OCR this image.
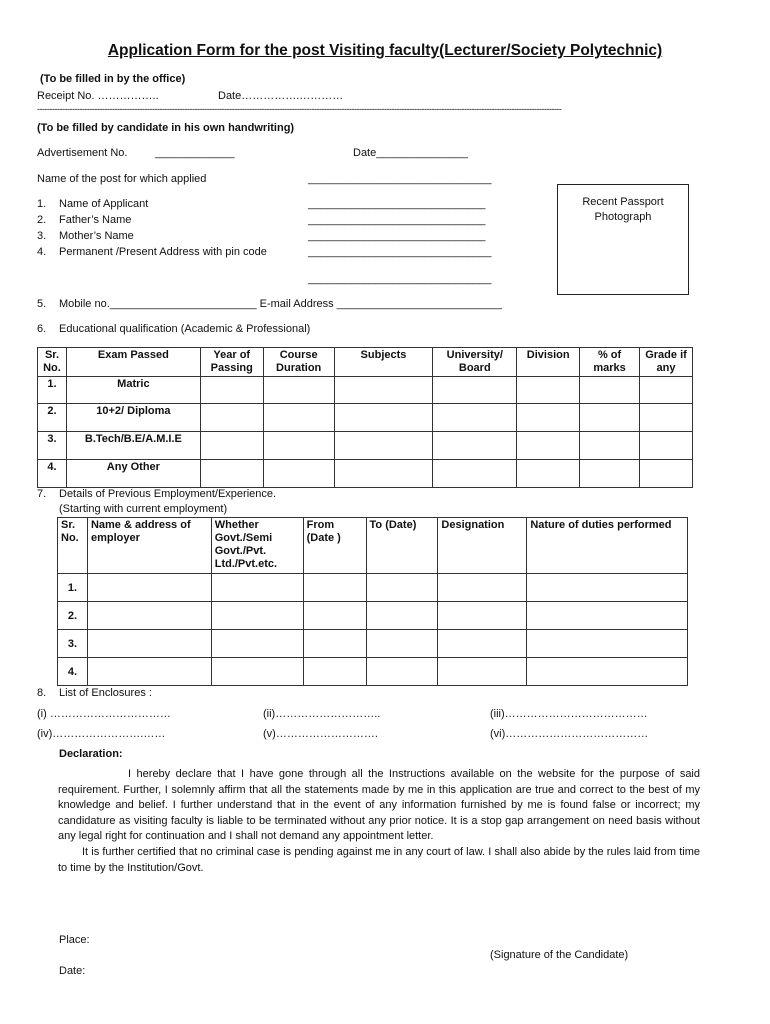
Application Form for the post Visiting faculty(Lecturer/Society Polytechnic)
(To be filled in by the office)
Receipt No. ……………..	Date…………….…………
------------------------------------------------------------------------------------------------------------------------------------------------------------------------------------------------------------------
(To be filled by candidate in his own handwriting)
Advertisement No.	_____________	Date_______________
Name of the post for which applied	______________________________
1. Name of Applicant	_____________________________
2. Father’s Name	_____________________________
3. Mother’s Name	_____________________________
4. Permanent /Present Address with pin code	______________________________
______________________________
Recent Passport Photograph
5. Mobile no.________________________ E-mail Address ___________________________
6. Educational qualification (Academic & Professional)
Sr. No.	Exam Passed	Year of Passing	Course Duration	Subjects	University/ Board	Division	% of marks	Grade if any
1.	Matric							
2.	10+2/ Diploma							
3.	B.Tech/B.E/A.M.I.E							
4.	Any Other							
7. Details of Previous Employment/Experience.
(Starting with current employment)
Sr. No.	Name & address of employer	Whether Govt./Semi Govt./Pvt. Ltd./Pvt.etc.	From (Date )	To (Date)	Designation	Nature of duties performed
1.						
2.						
3.						
4.						
8. List of Enclosures :
(i) ……………………………	(ii)………………………..	(iii)…………………………………
(iv)…………………….……	(v)……………………….	(vi)…………………………………
Declaration:

I hereby declare that I have gone through all the Instructions available on the website for the purpose of said requirement. Further, I solemnly affirm that all the statements made by me in this application are true and correct to the best of my knowledge and belief. I further understand that in the event of any information furnished by me is found false or incorrect; my candidature as visiting faculty is liable to be terminated without any prior notice. It is a stop gap arrangement on need basis without any legal right for continuation and I shall not demand any appointment letter.

It is further certified that no criminal case is pending against me in any court of law. I shall also abide by the rules laid from time to time by the Institution/Govt.

Place:
(Signature of the Candidate)
Date:
